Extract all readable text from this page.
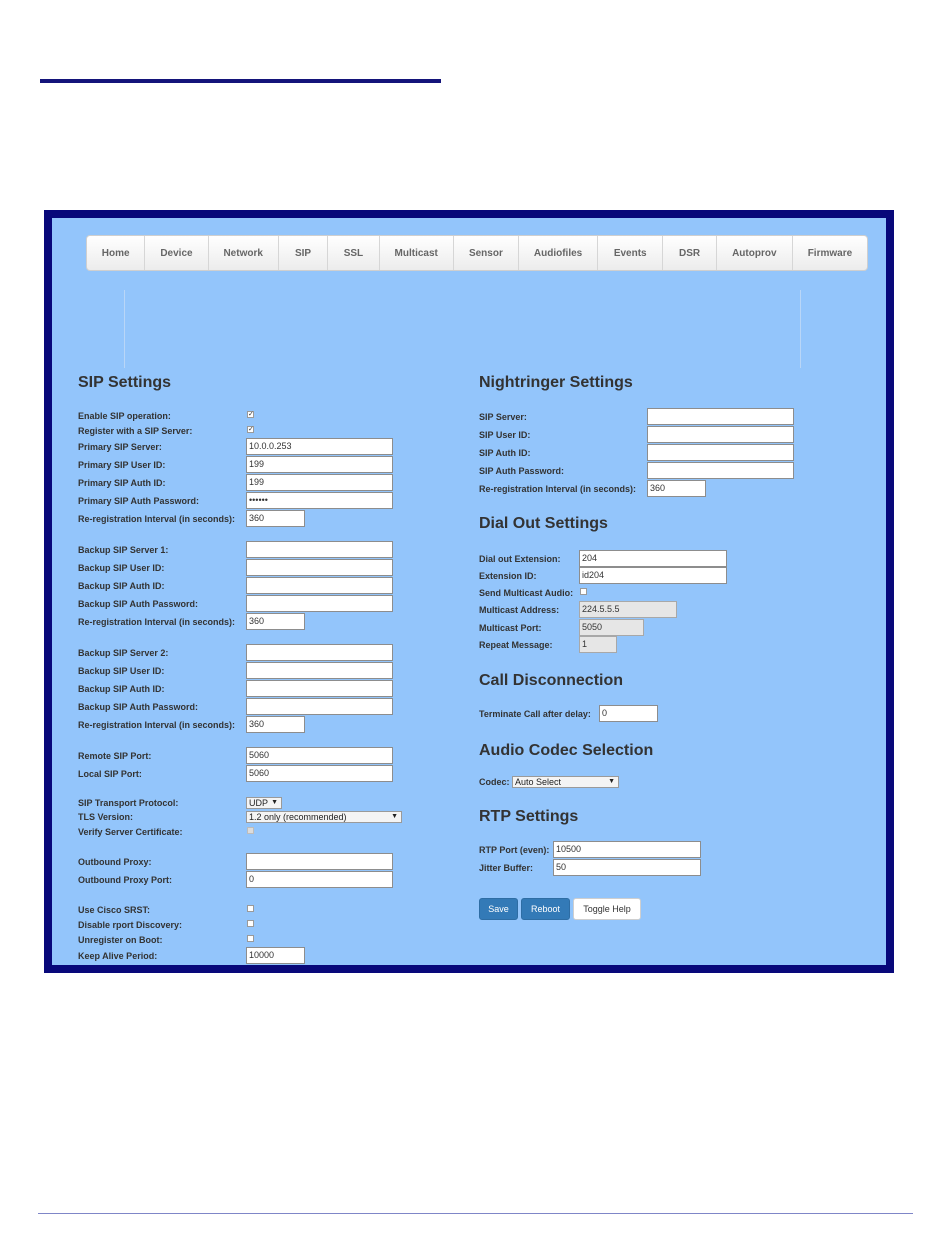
Home	Device	Network	SIP	SSL	Multicast	Sensor	Audiofiles	Events	DSR	Autoprov	Firmware
SIP Settings
Enable SIP operation:	✓
Register with a SIP Server:	✓
Primary SIP Server:	10.0.0.253
Primary SIP User ID:	199
Primary SIP Auth ID:	199
Primary SIP Auth Password:	••••••
Re-registration Interval (in seconds):	360
Backup SIP Server 1:
Backup SIP User ID:
Backup SIP Auth ID:
Backup SIP Auth Password:
Re-registration Interval (in seconds):	360
Backup SIP Server 2:
Backup SIP User ID:
Backup SIP Auth ID:
Backup SIP Auth Password:
Re-registration Interval (in seconds):	360
Remote SIP Port:	5060
Local SIP Port:	5060
SIP Transport Protocol:	UDP ▼
TLS Version:	1.2 only (recommended)	▼
Verify Server Certificate:
Outbound Proxy:
Outbound Proxy Port:	0
Use Cisco SRST:
Disable rport Discovery:
Unregister on Boot:
Keep Alive Period:	10000
Nightringer Settings
SIP Server:
SIP User ID:
SIP Auth ID:
SIP Auth Password:
Re-registration Interval (in seconds):	360
Dial Out Settings
Dial out Extension:	204
Extension ID:	id204
Send Multicast Audio:
Multicast Address:	224.5.5.5
Multicast Port:	5050
Repeat Message:	1
Call Disconnection
Terminate Call after delay:	0
Audio Codec Selection
Codec: Auto Select	▼
RTP Settings
RTP Port (even): 10500
Jitter Buffer:	50
Save	Reboot	Toggle Help
